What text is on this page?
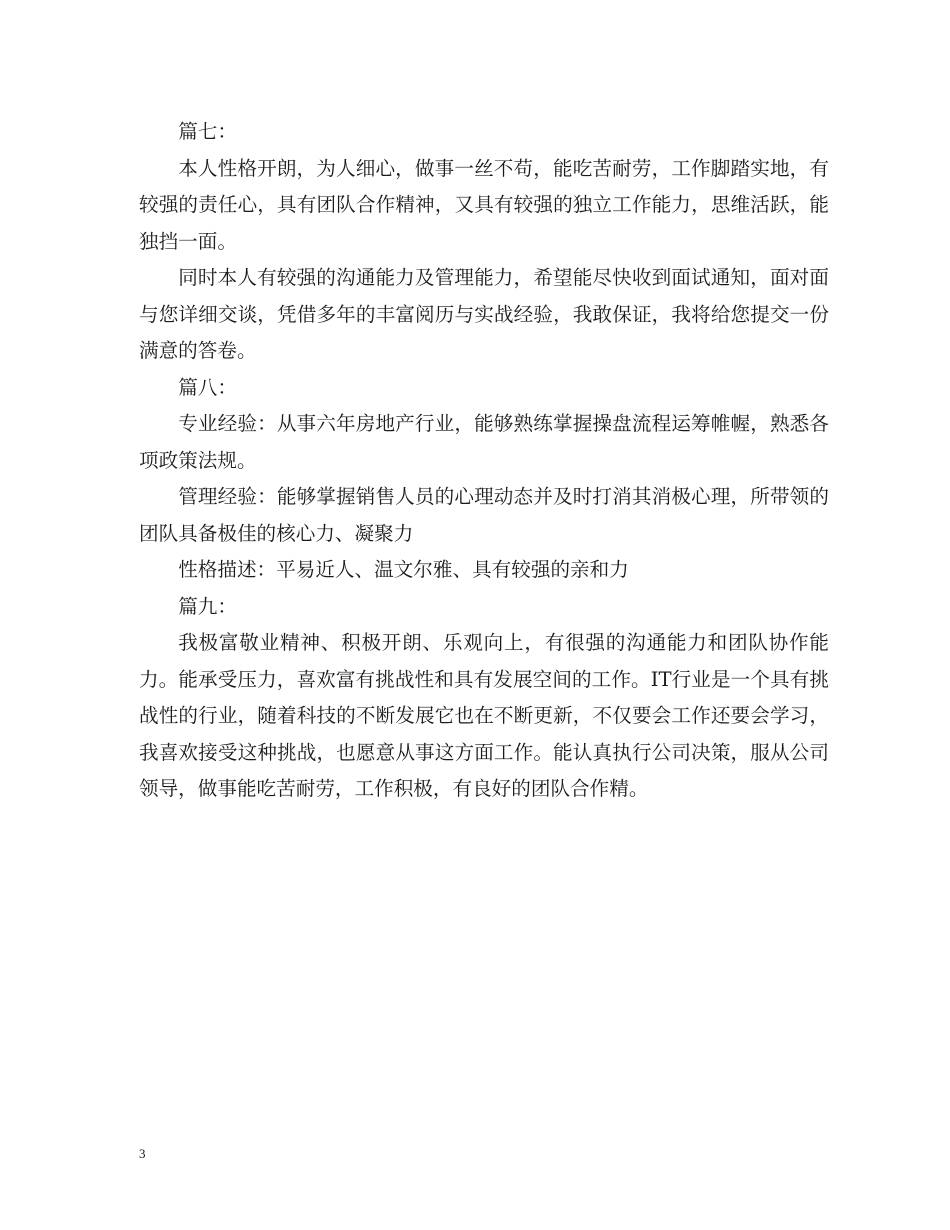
篇七：

本人性格开朗，为人细心，做事一丝不苟，能吃苦耐劳，工作脚踏实地，有较强的责任心，具有团队合作精神，又具有较强的独立工作能力，思维活跃，能独挡一面。

同时本人有较强的沟通能力及管理能力，希望能尽快收到面试通知，面对面与您详细交谈，凭借多年的丰富阅历与实战经验，我敢保证，我将给您提交一份满意的答卷。

篇八：

专业经验：从事六年房地产行业，能够熟练掌握操盘流程运筹帷幄，熟悉各项政策法规。

管理经验：能够掌握销售人员的心理动态并及时打消其消极心理，所带领的团队具备极佳的核心力、凝聚力

性格描述：平易近人、温文尔雅、具有较强的亲和力

篇九：

我极富敬业精神、积极开朗、乐观向上，有很强的沟通能力和团队协作能力。能承受压力，喜欢富有挑战性和具有发展空间的工作。IT行业是一个具有挑战性的行业，随着科技的不断发展它也在不断更新，不仅要会工作还要会学习，我喜欢接受这种挑战，也愿意从事这方面工作。能认真执行公司决策，服从公司领导，做事能吃苦耐劳，工作积极，有良好的团队合作精。

3
